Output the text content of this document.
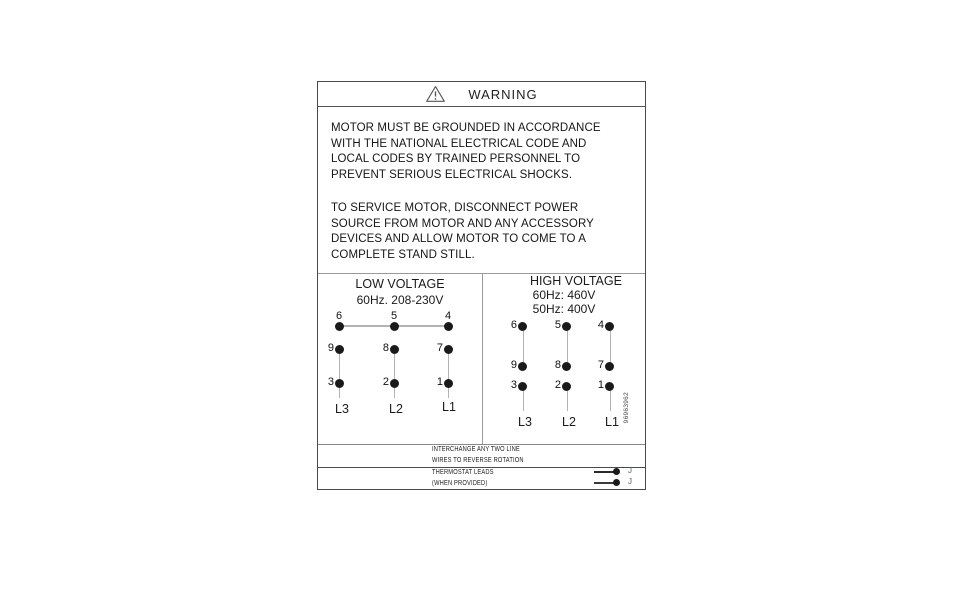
WARNING
MOTOR MUST BE GROUNDED IN ACCORDANCE
WITH THE NATIONAL ELECTRICAL CODE AND
LOCAL CODES BY TRAINED PERSONNEL TO
PREVENT SERIOUS ELECTRICAL SHOCKS.
TO SERVICE MOTOR, DISCONNECT POWER
SOURCE FROM MOTOR AND ANY ACCESSORY
DEVICES AND ALLOW MOTOR TO COME TO A
COMPLETE STAND STILL.
LOW VOLTAGE
60Hz. 208-230V
6	5	4
9	8	7
3	2	1
L3	L2	L1
HIGH VOLTAGE
60Hz: 460V
50Hz: 400V
6	5	4
9	8	7
3	2	1
L3	L2	L1 96963962
INTERCHANGE ANY TWO LINE
WIRES TO REVERSE ROTATION
THERMOSTAT LEADS
(WHEN PROVIDED)
J
J
